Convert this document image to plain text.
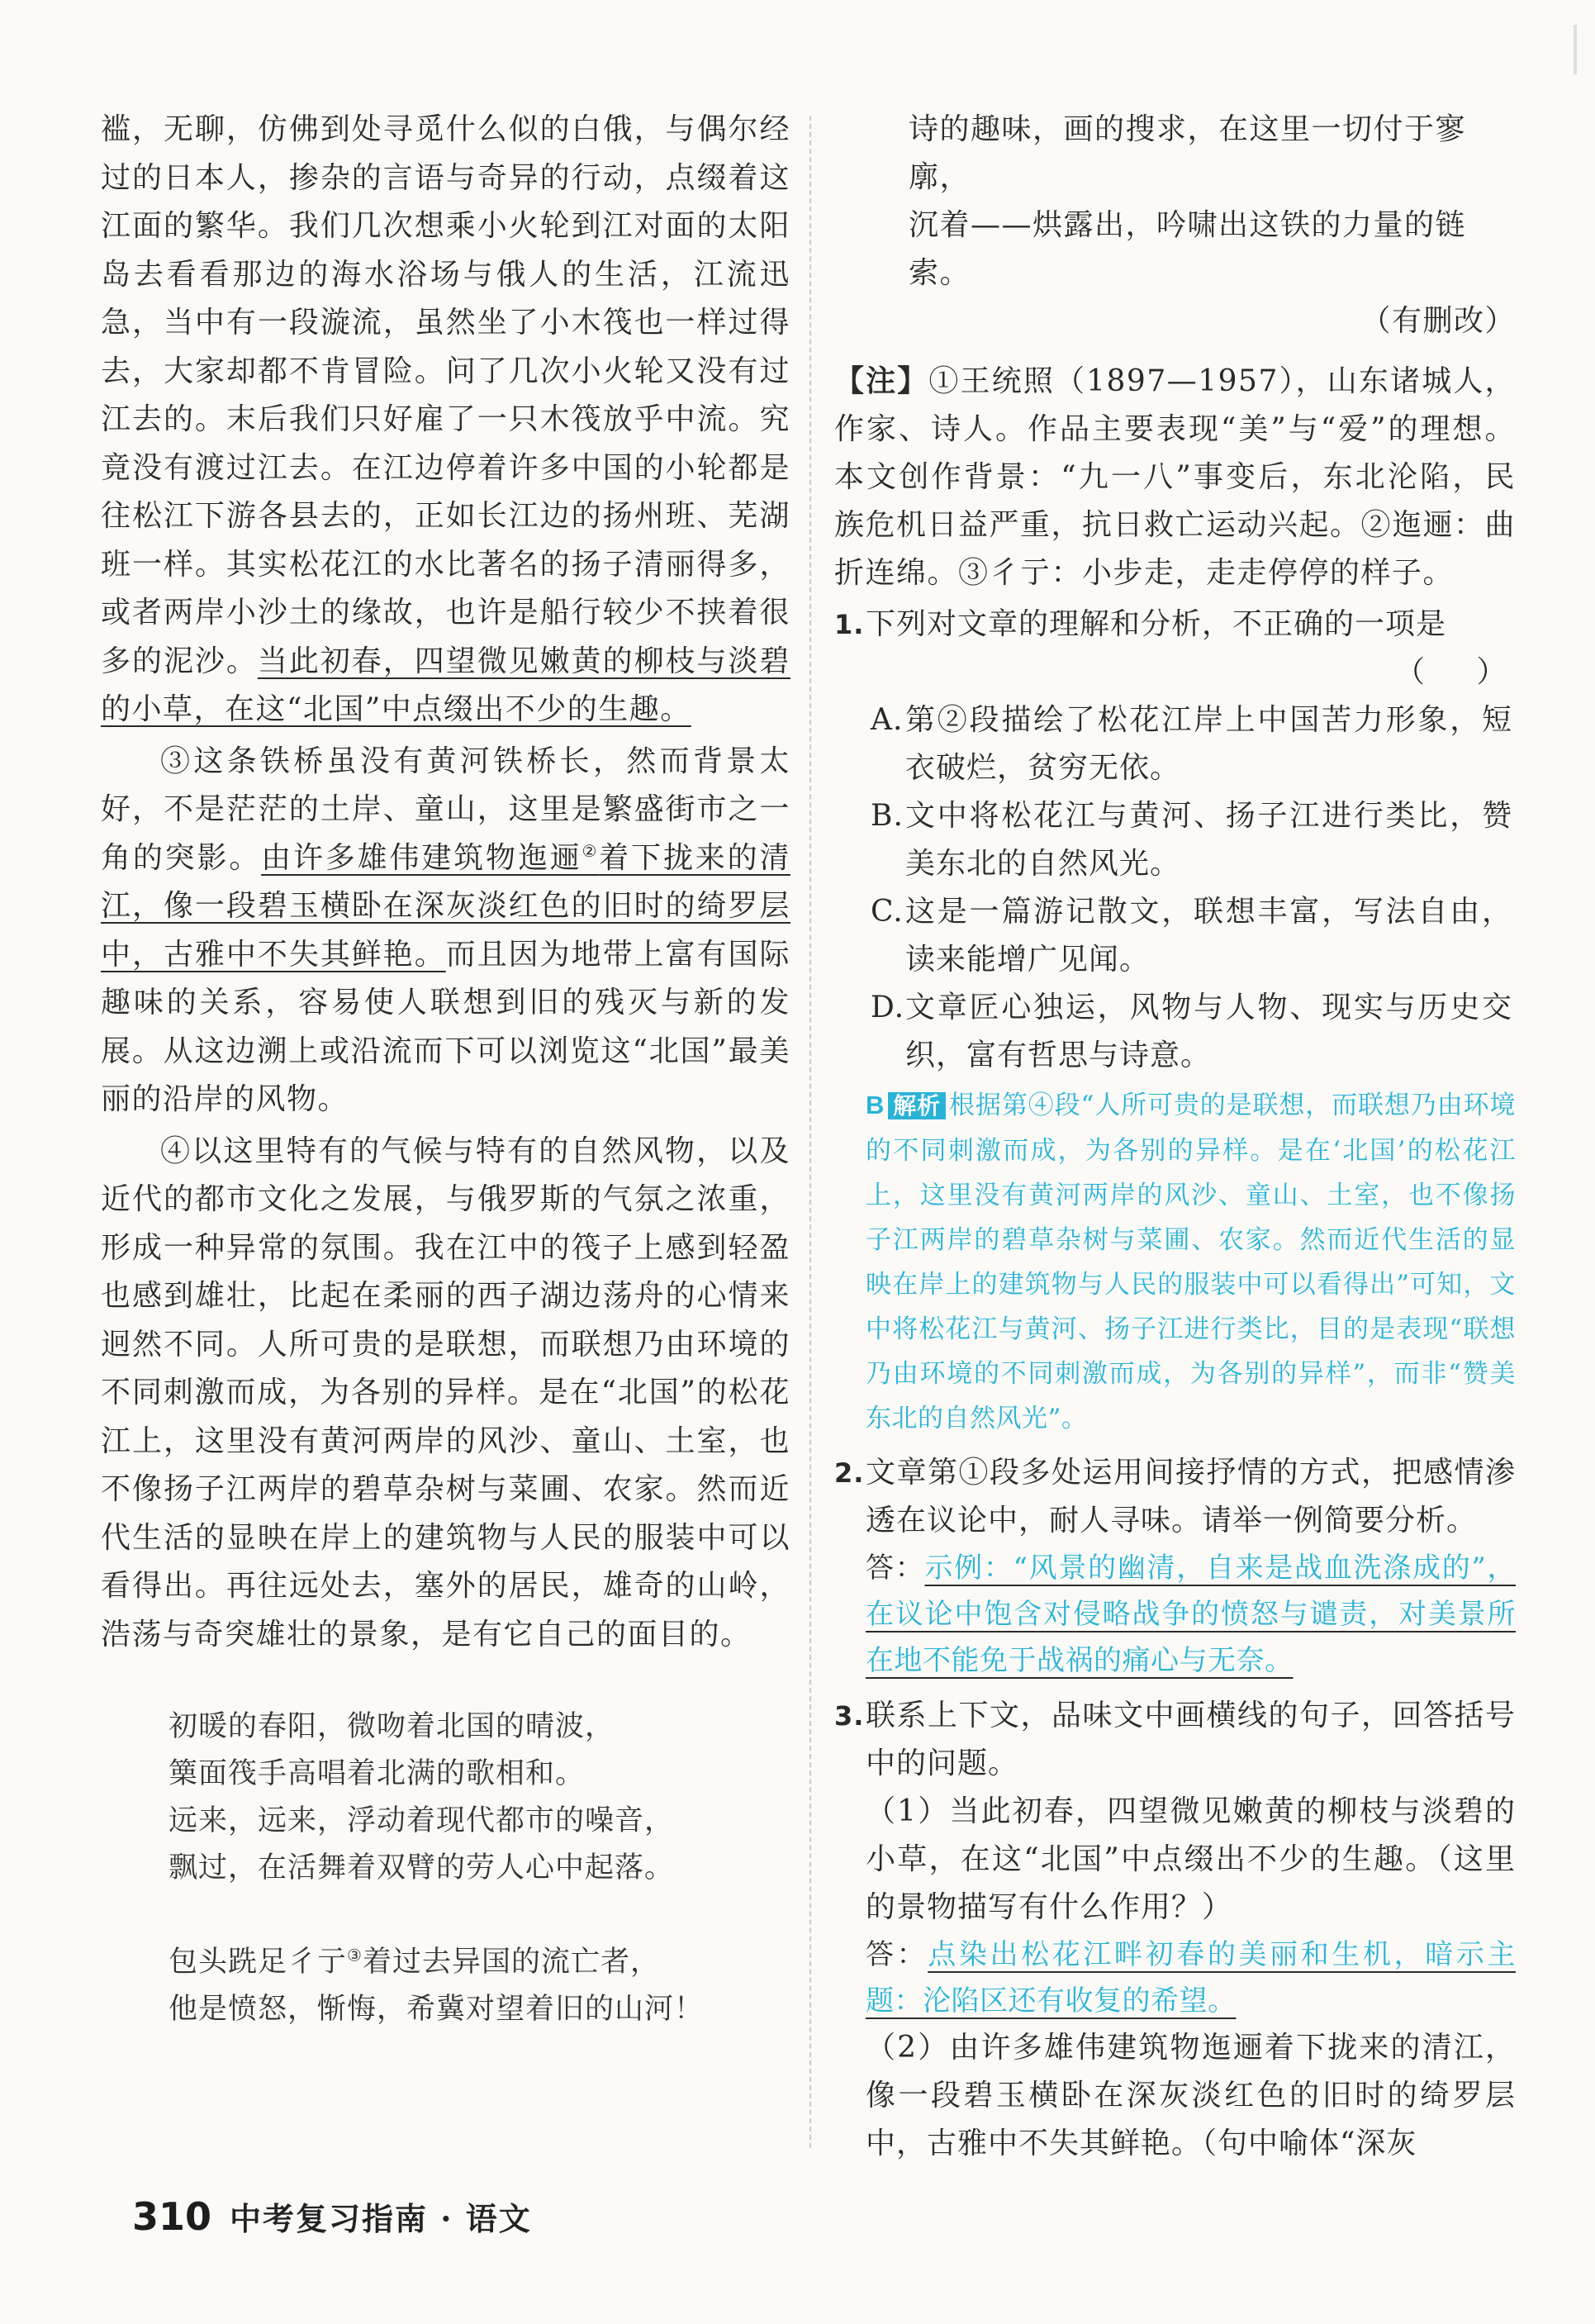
褴，无聊，仿佛到处寻觅什么似的白俄，与偶尔经过的日本人，掺杂的言语与奇异的行动，点缀着这江面的繁华。我们几次想乘小火轮到江对面的太阳岛去看看那边的海水浴场与俄人的生活，江流迅急，当中有一段漩流，虽然坐了小木筏也一样过得去，大家却都不肯冒险。问了几次小火轮又没有过江去的。末后我们只好雇了一只木筏放乎中流。究竟没有渡过江去。在江边停着许多中国的小轮都是往松江下游各县去的，正如长江边的扬州班、芜湖班一样。其实松花江的水比著名的扬子清丽得多，或者两岸小沙土的缘故，也许是船行较少不挟着很多的泥沙。当此初春，四望微见嫩黄的柳枝与淡碧的小草，在这“北国”中点缀出不少的生趣。

③这条铁桥虽没有黄河铁桥长，然而背景太好，不是茫茫的土岸、童山，这里是繁盛街市之一角的突影。由许多雄伟建筑物迤逦②着下拢来的清江，像一段碧玉横卧在深灰淡红色的旧时的绮罗层中，古雅中不失其鲜艳。而且因为地带上富有国际趣味的关系，容易使人联想到旧的残灭与新的发展。从这边溯上或沿流而下可以浏览这“北国”最美丽的沿岸的风物。

④以这里特有的气候与特有的自然风物，以及近代的都市文化之发展，与俄罗斯的气氛之浓重，形成一种异常的氛围。我在江中的筏子上感到轻盈也感到雄壮，比起在柔丽的西子湖边荡舟的心情来迥然不同。人所可贵的是联想，而联想乃由环境的不同刺激而成，为各别的异样。是在“北国”的松花江上，这里没有黄河两岸的风沙、童山、土室，也不像扬子江两岸的碧草杂树与菜圃、农家。然而近代生活的显映在岸上的建筑物与人民的服装中可以看得出。再往远处去，塞外的居民，雄奇的山岭，浩荡与奇突雄壮的景象，是有它自己的面目的。

初暖的春阳，微吻着北国的晴波，
篥面筏手高唱着北满的歌相和。
远来，远来，浮动着现代都市的噪音，
飘过，在活舞着双臂的劳人心中起落。
包头跣足彳亍③着过去异国的流亡者，
他是愤怒，惭悔，希冀对望着旧的山河！
诗的趣味，画的搜求，在这里一切付于寥廓，
沉着——烘露出，吟啸出这铁的力量的链索。
（有删改）
【注】①王统照（1897—1957），山东诸城人，作家、诗人。作品主要表现“美”与“爱”的理想。本文创作背景：“九一八”事变后，东北沦陷，民族危机日益严重，抗日救亡运动兴起。②迤逦：曲折连绵。③彳亍：小步走，走走停停的样子。
1. 下列对文章的理解和分析，不正确的一项是
（ ）
A. 第②段描绘了松花江岸上中国苦力形象，短衣破烂，贫穷无依。
B. 文中将松花江与黄河、扬子江进行类比，赞美东北的自然风光。
C. 这是一篇游记散文，联想丰富，写法自由，读来能增广见闻。
D. 文章匠心独运，风物与人物、现实与历史交织，富有哲思与诗意。
B 解析 根据第④段“人所可贵的是联想，而联想乃由环境的不同刺激而成，为各别的异样。是在‘北国’的松花江上，这里没有黄河两岸的风沙、童山、土室，也不像扬子江两岸的碧草杂树与菜圃、农家。然而近代生活的显映在岸上的建筑物与人民的服装中可以看得出”可知，文中将松花江与黄河、扬子江进行类比，目的是表现“联想乃由环境的不同刺激而成，为各别的异样”，而非“赞美东北的自然风光”。
2. 文章第①段多处运用间接抒情的方式，把感情渗透在议论中，耐人寻味。请举一例简要分析。
答：示例：“风景的幽清，自来是战血洗涤成的”，在议论中饱含对侵略战争的愤怒与谴责，对美景所在地不能免于战祸的痛心与无奈。
3. 联系上下文，品味文中画横线的句子，回答括号中的问题。
（1）当此初春，四望微见嫩黄的柳枝与淡碧的小草，在这“北国”中点缀出不少的生趣。（这里的景物描写有什么作用？）
答：点染出松花江畔初春的美丽和生机，暗示主题：沦陷区还有收复的希望。
（2）由许多雄伟建筑物迤逦着下拢来的清江，像一段碧玉横卧在深灰淡红色的旧时的绮罗层中，古雅中不失其鲜艳。（句中喻体“深灰
310 中考复习指南 · 语文
